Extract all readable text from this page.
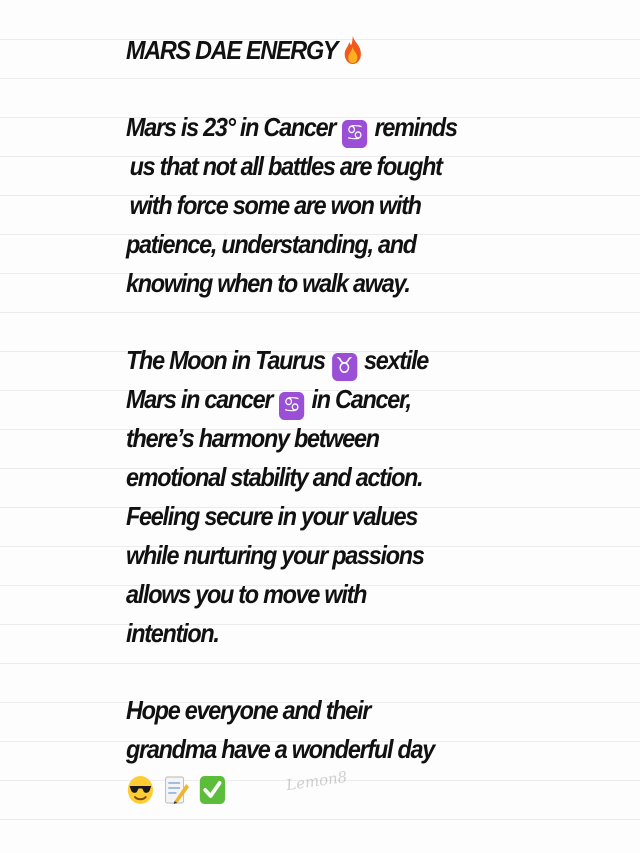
MARS DAE ENERGY
Mars is 23° in Cancer ♋ reminds
us that not all battles are fought
with force some are won with
patience, understanding, and
knowing when to walk away.
The Moon in Taurus ♉ sextile
Mars in cancer ♋ in Cancer,
there’s harmony between
emotional stability and action.
Feeling secure in your values
while nurturing your passions
allows you to move with
intention.
Hope everyone and their
grandma have a wonderful day

Lemon8
